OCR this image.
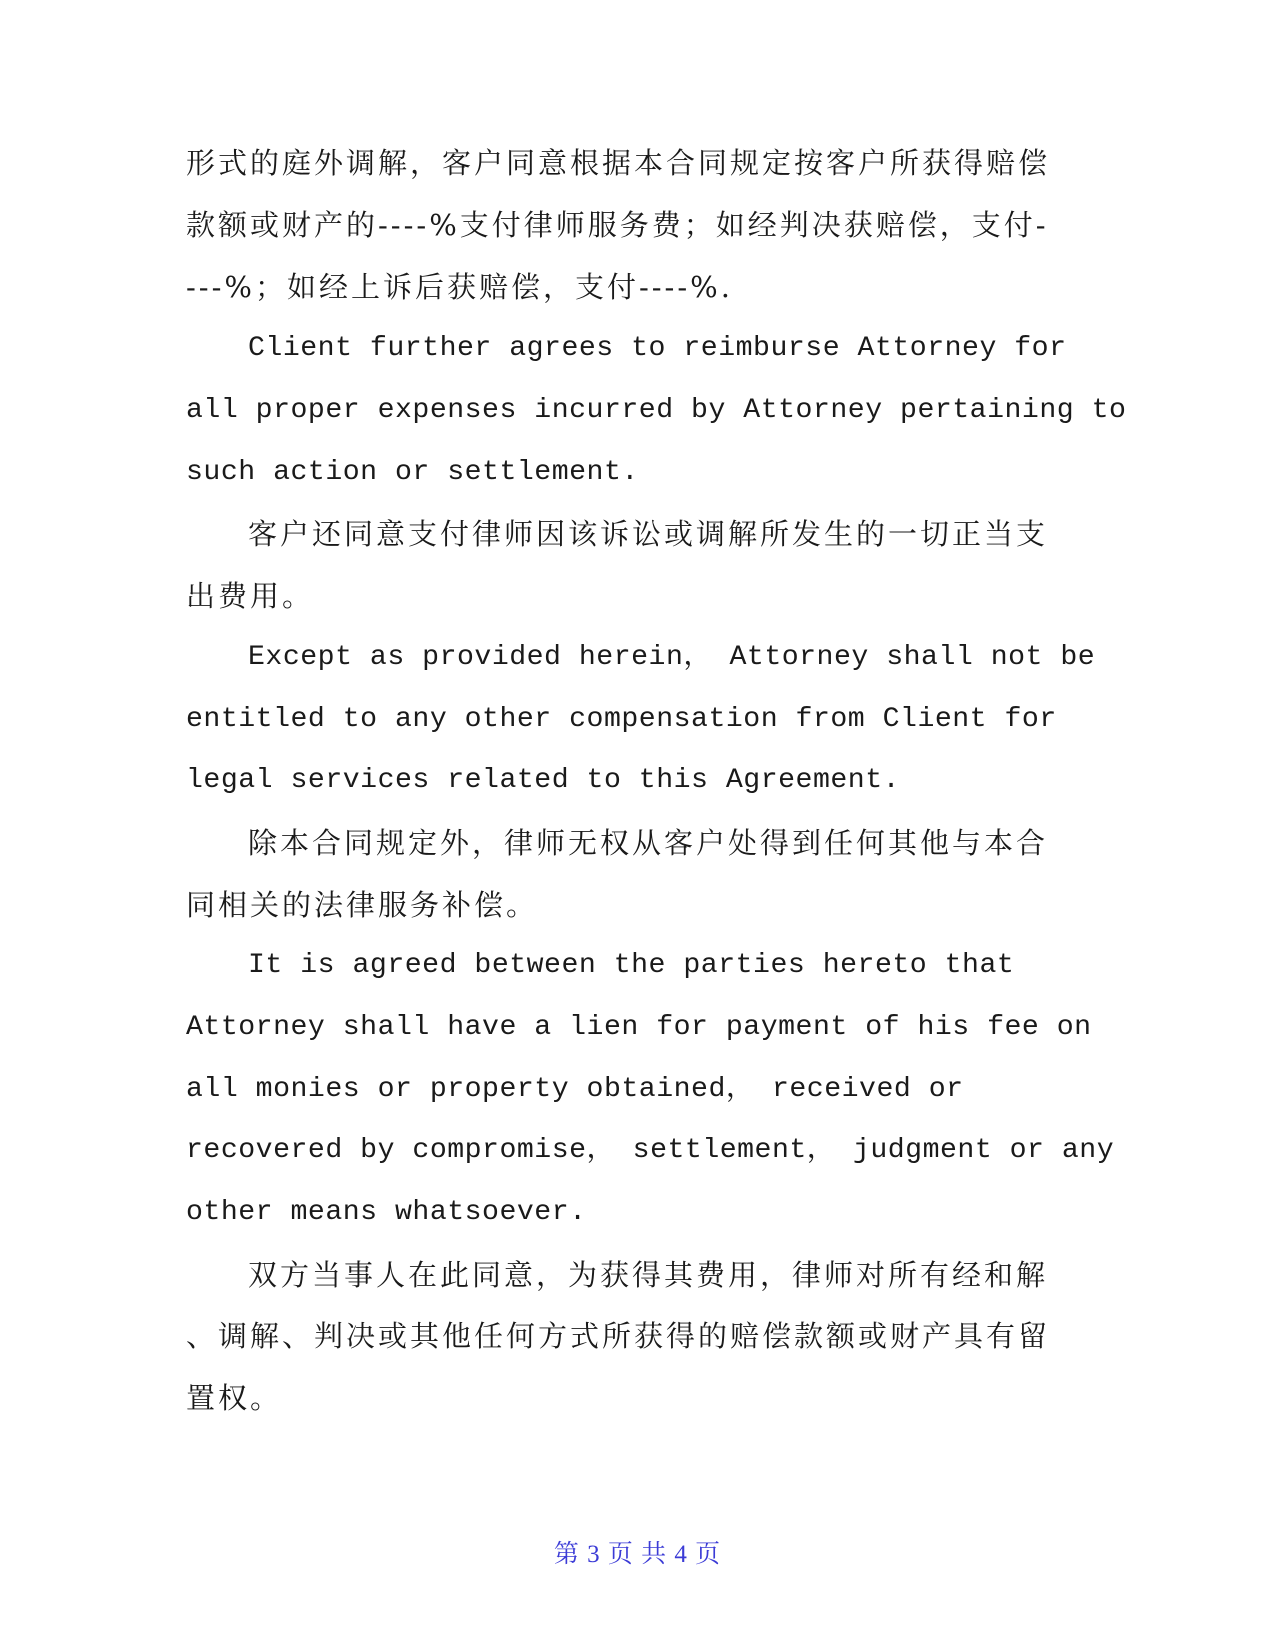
形式的庭外调解，客户同意根据本合同规定按客户所获得赔偿
款额或财产的----%支付律师服务费；如经判决获赔偿，支付-
---%；如经上诉后获赔偿，支付----%.
Client further agrees to reimburse Attorney for
all proper expenses incurred by Attorney pertaining to
such action or settlement.
客户还同意支付律师因该诉讼或调解所发生的一切正当支
出费用。
Except as provided herein， Attorney shall not be
entitled to any other compensation from Client for
legal services related to this Agreement.
除本合同规定外，律师无权从客户处得到任何其他与本合
同相关的法律服务补偿。
It is agreed between the parties hereto that
Attorney shall have a lien for payment of his fee on
all monies or property obtained， received or
recovered by compromise， settlement， judgment or any
other means whatsoever.
双方当事人在此同意，为获得其费用，律师对所有经和解
、调解、判决或其他任何方式所获得的赔偿款额或财产具有留
置权。
第 3 页 共 4 页
